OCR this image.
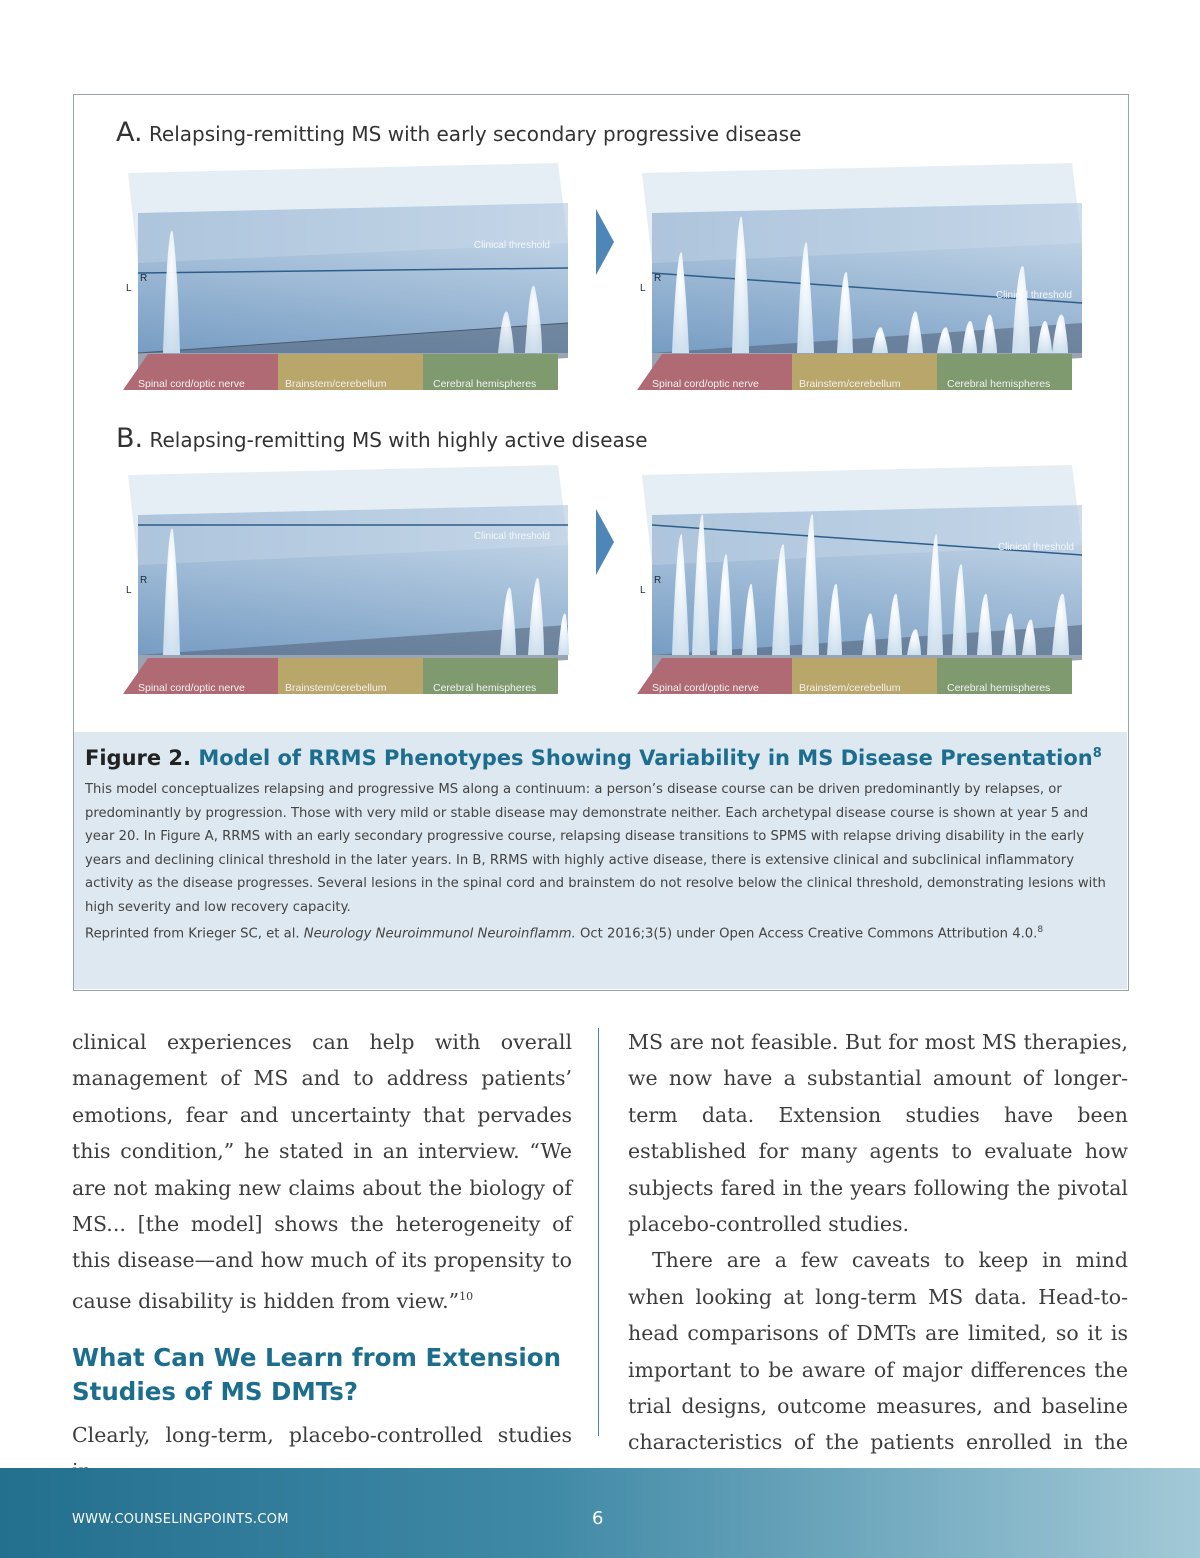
A. Relapsing-remitting MS with early secondary progressive disease
Clinical threshold
R
L
Clinical threshold
R
L
Spinal cord/optic nerve	Brainstem/cerebellum	Cerebral hemispheres	Spinal cord/optic nerve	Brainstem/cerebellum	Cerebral hemispheres
B. Relapsing-remitting MS with highly active disease
Clinical threshold
R
L
Clinical threshold
R
L
Spinal cord/optic nerve	Brainstem/cerebellum	Cerebral hemispheres	Spinal cord/optic nerve	Brainstem/cerebellum	Cerebral hemispheres
Figure 2. Model of RRMS Phenotypes Showing Variability in MS Disease Presentation$^8$
This model conceptualizes relapsing and progressive MS along a continuum: a person’s disease course can be driven predominantly by relapses, or predominantly by progression. Those with very mild or stable disease may demonstrate neither. Each archetypal disease course is shown at year 5 and year 20. In Figure A, RRMS with an early secondary progressive course, relapsing disease transitions to SPMS with relapse driving disability in the early years and declining clinical threshold in the later years. In B, RRMS with highly active disease, there is extensive clinical and subclinical inflammatory activity as the disease progresses. Several lesions in the spinal cord and brainstem do not resolve below the clinical threshold, demonstrating lesions with high severity and low recovery capacity.
Reprinted from Krieger SC, et al. Neurology Neuroimmunol Neuroinflamm. Oct 2016;3(5) under Open Access Creative Commons Attribution 4.0.$^8$

clinical experiences can help with overall management of MS and to address patients’ emotions, fear and uncertainty that pervades this condition,” he stated in an interview. “We are not making new claims about the biology of MS... [the model] shows the heterogeneity of this disease—and how much of its propensity to cause disability is hidden from view.”$^{10}$

What Can We Learn from Extension Studies of MS DMTs?

Clearly, long-term, placebo-controlled studies

MS are not feasible. But for most MS therapies, we now have a substantial amount of longer-term data. Extension studies have been established for many agents to evaluate how subjects fared in the years following the pivotal placebo-controlled studies.

There are a few caveats to keep in mind when looking at long-term MS data. Head-to-head comparisons of DMTs are limited, so it is important to be aware of major differences the trial designs, outcome measures, and baseline characteristics of the patients enrolled in the

WWW.COUNSELINGPOINTS.COM	6
